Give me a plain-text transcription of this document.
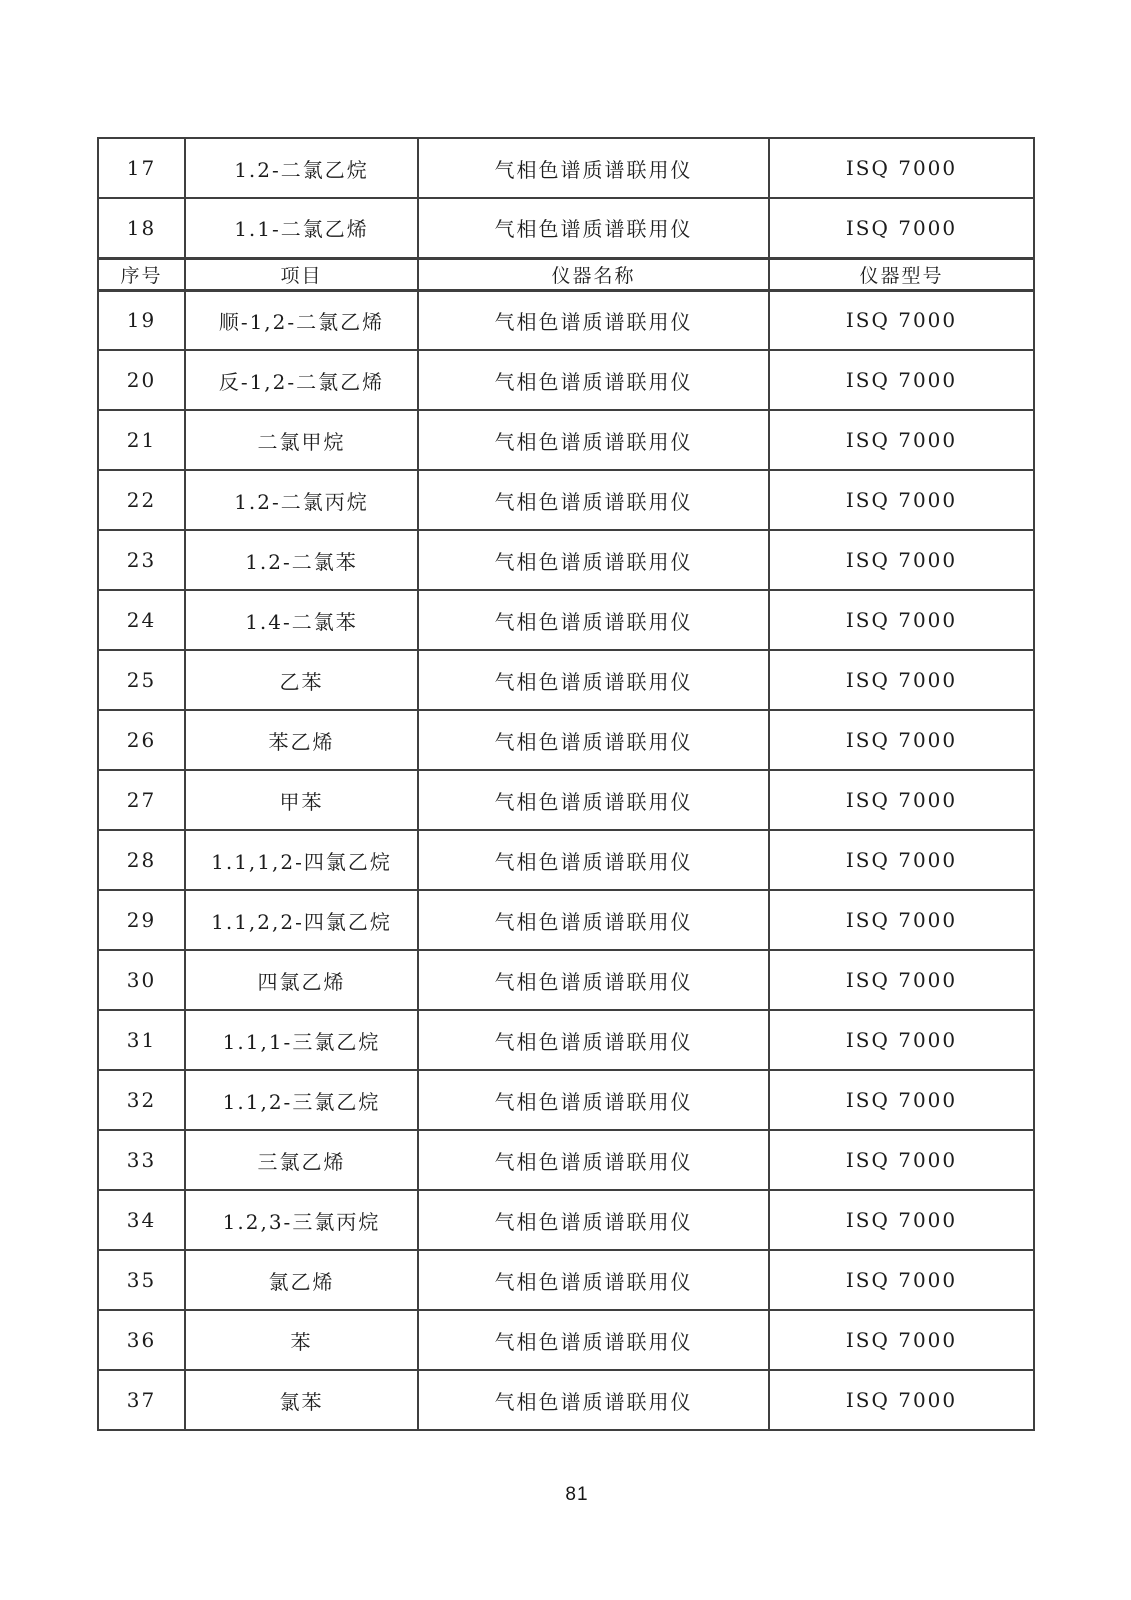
17	1.2-二氯乙烷	气相色谱质谱联用仪	ISQ 7000
18	1.1-二氯乙烯	气相色谱质谱联用仪	ISQ 7000
序号	项目	仪器名称	仪器型号
19	顺-1,2-二氯乙烯	气相色谱质谱联用仪	ISQ 7000
20	反-1,2-二氯乙烯	气相色谱质谱联用仪	ISQ 7000
21	二氯甲烷	气相色谱质谱联用仪	ISQ 7000
22	1.2-二氯丙烷	气相色谱质谱联用仪	ISQ 7000
23	1.2-二氯苯	气相色谱质谱联用仪	ISQ 7000
24	1.4-二氯苯	气相色谱质谱联用仪	ISQ 7000
25	乙苯	气相色谱质谱联用仪	ISQ 7000
26	苯乙烯	气相色谱质谱联用仪	ISQ 7000
27	甲苯	气相色谱质谱联用仪	ISQ 7000
28	1.1,1,2-四氯乙烷	气相色谱质谱联用仪	ISQ 7000
29	1.1,2,2-四氯乙烷	气相色谱质谱联用仪	ISQ 7000
30	四氯乙烯	气相色谱质谱联用仪	ISQ 7000
31	1.1,1-三氯乙烷	气相色谱质谱联用仪	ISQ 7000
32	1.1,2-三氯乙烷	气相色谱质谱联用仪	ISQ 7000
33	三氯乙烯	气相色谱质谱联用仪	ISQ 7000
34	1.2,3-三氯丙烷	气相色谱质谱联用仪	ISQ 7000
35	氯乙烯	气相色谱质谱联用仪	ISQ 7000
36	苯	气相色谱质谱联用仪	ISQ 7000
37	氯苯	气相色谱质谱联用仪	ISQ 7000
81
